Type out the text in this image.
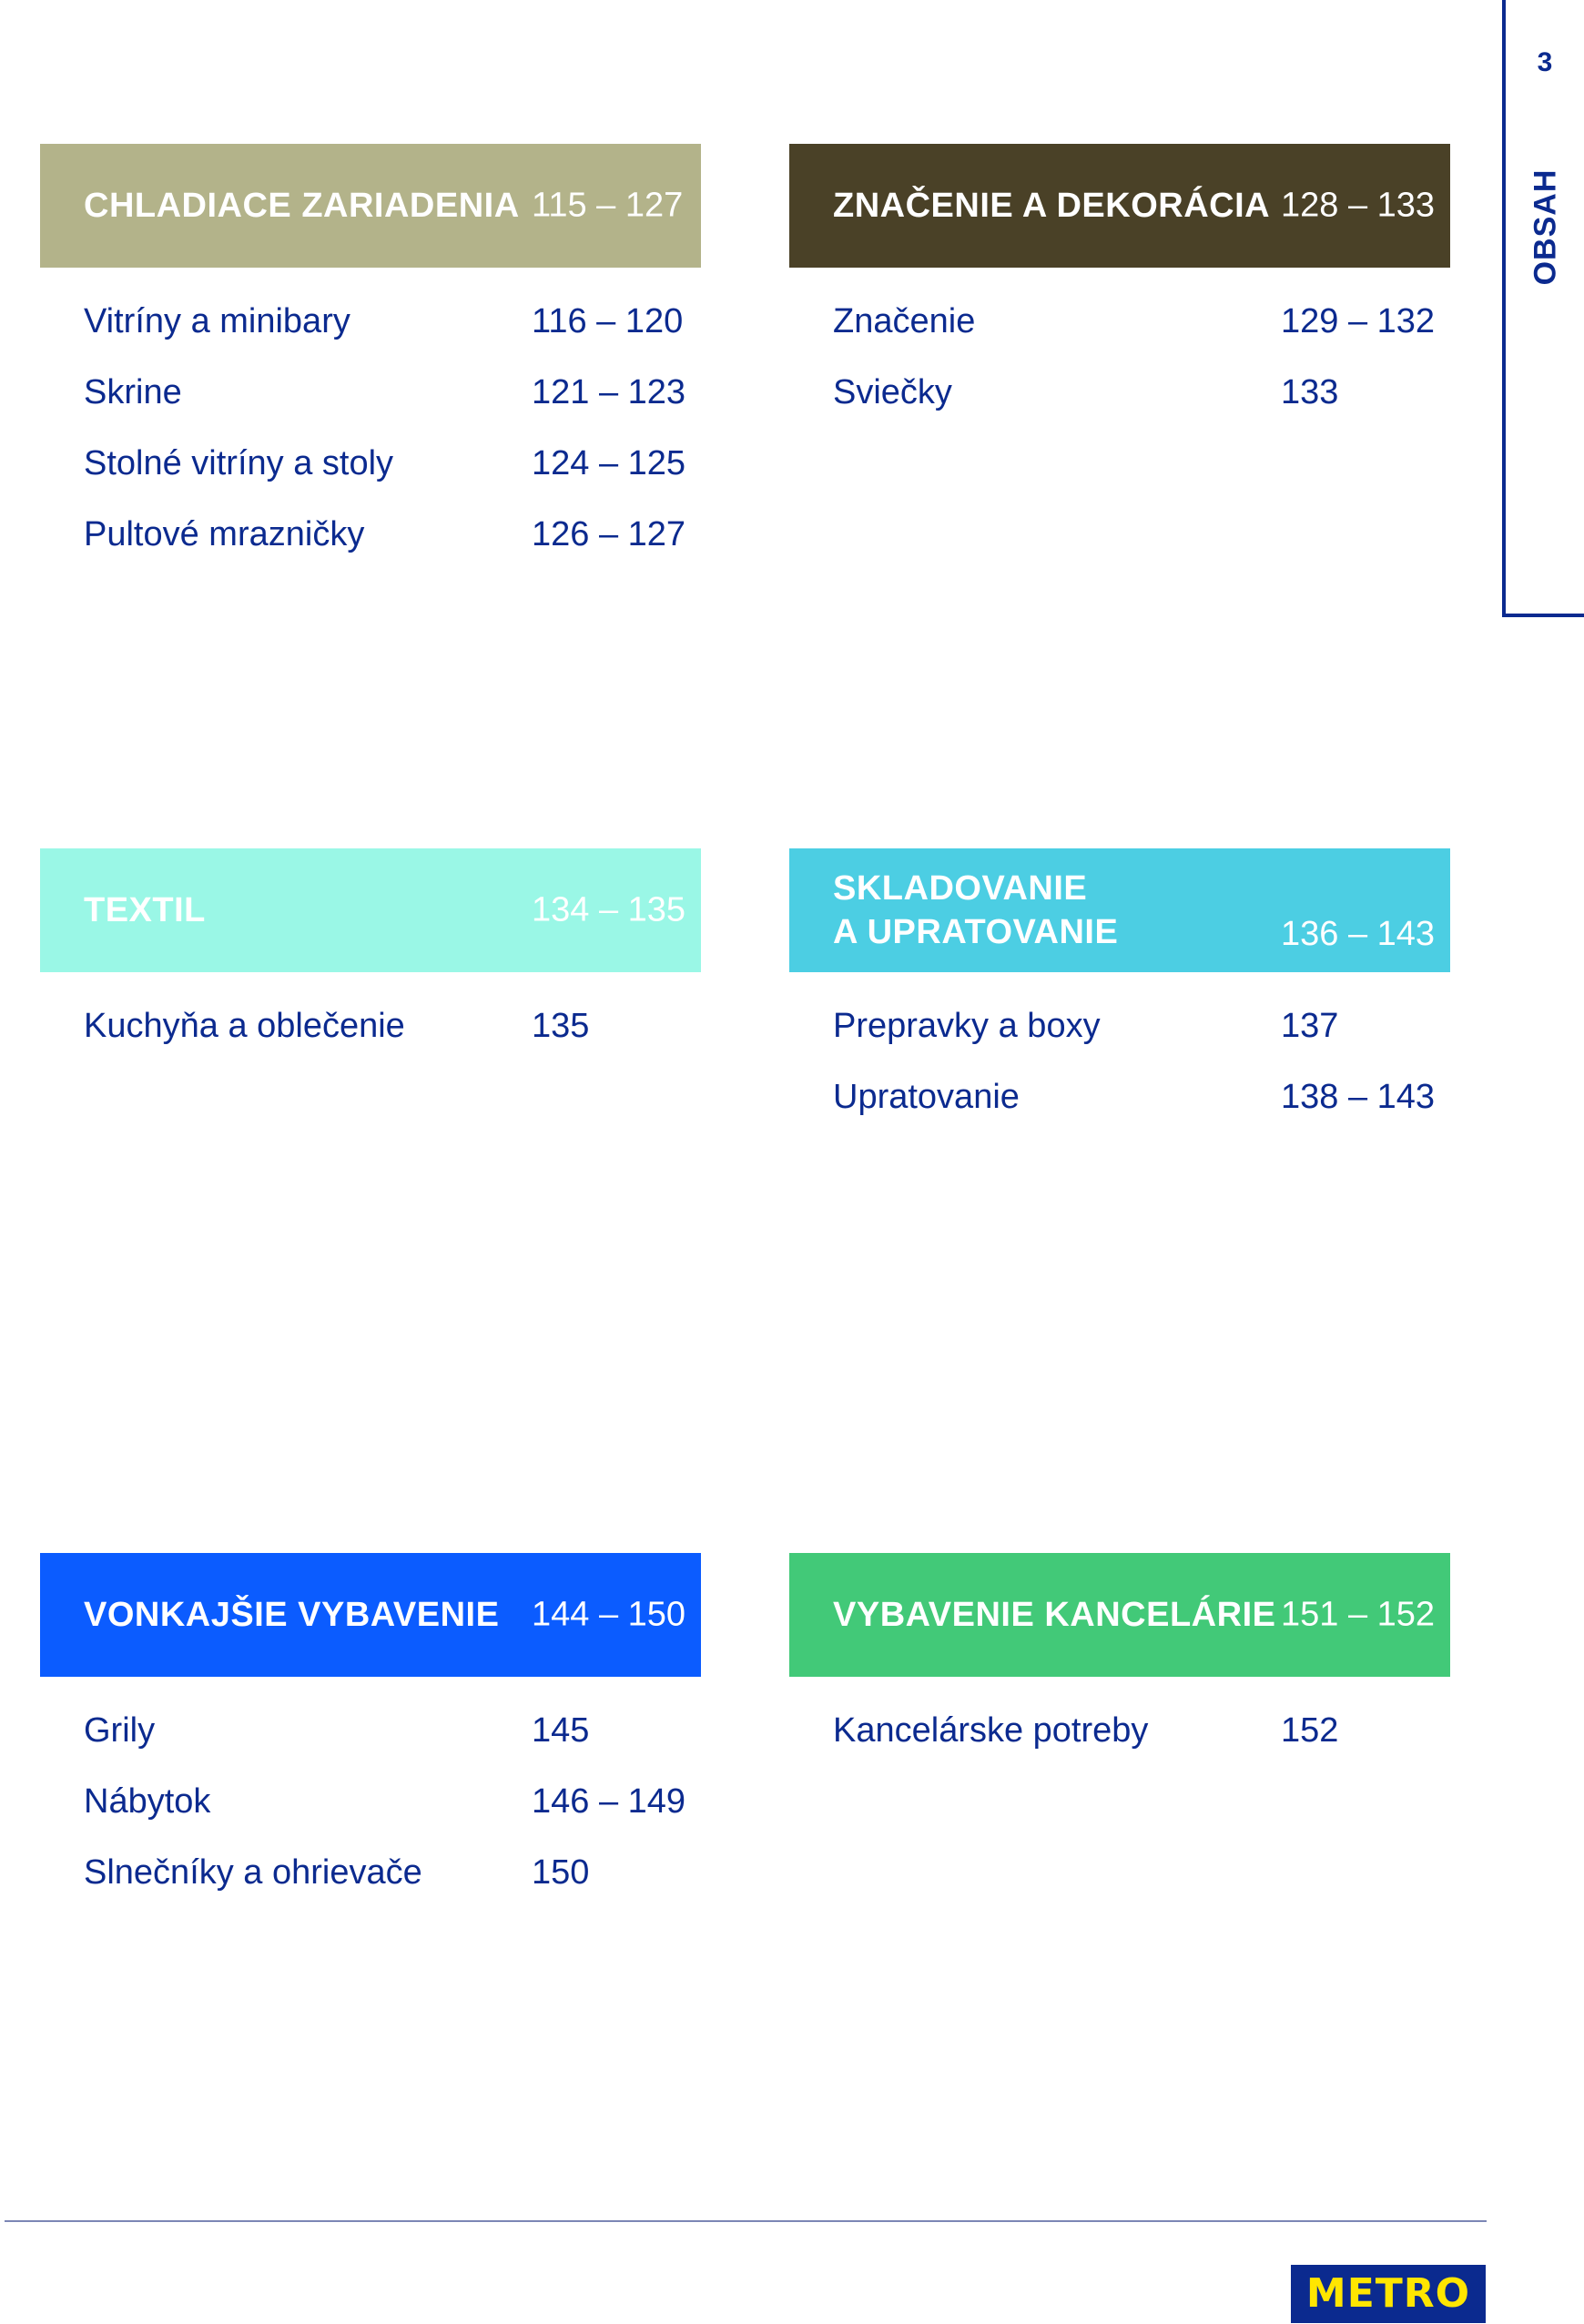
3
OBSAH
CHLADIACE ZARIADENIA 115 – 127
Vitríny a minibary	116 – 120
Skrine	121 – 123
Stolné vitríny a stoly	124 – 125
Pultové mrazničky	126 – 127
ZNAČENIE A DEKORÁCIA 128 – 133
Značenie	129 – 132
Sviečky	133
TEXTIL	134 – 135
Kuchyňa a oblečenie	135
SKLADOVANIE
A UPRATOVANIE	136 – 143
Prepravky a boxy	137
Upratovanie	138 – 143
VONKAJŠIE VYBAVENIE 144 – 150
Grily	145
Nábytok	146 – 149
Slnečníky a ohrievače	150
VYBAVENIE KANCELÁRIE 151 – 152
Kancelárske potreby	152
METRO
